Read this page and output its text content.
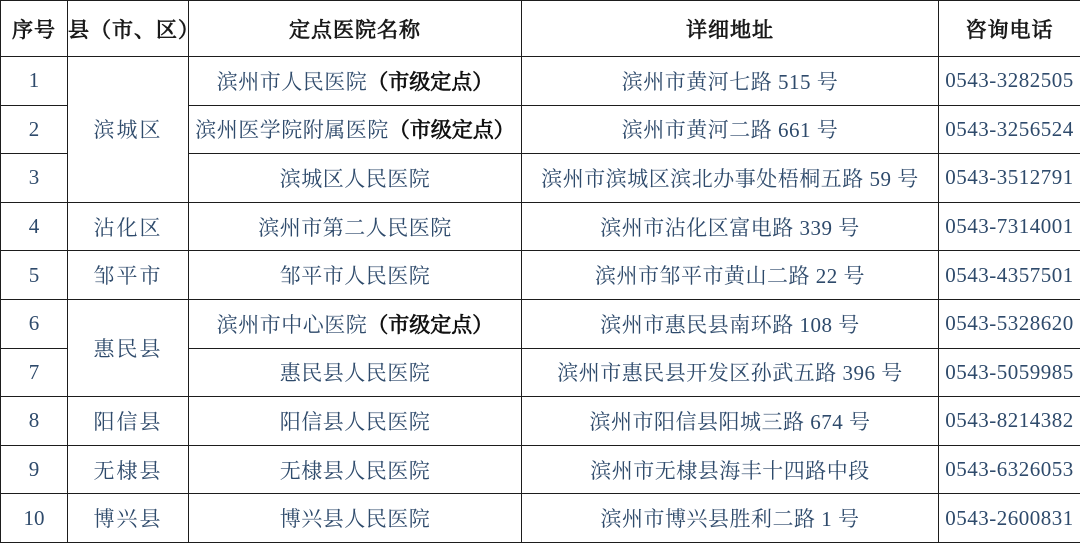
序号	县（市、区）	定点医院名称	详细地址	咨询电话
1	滨城区	滨州市人民医院（市级定点）	滨州市黄河七路 515 号	0543-3282505
2		滨州医学院附属医院（市级定点）	滨州市黄河二路 661 号	0543-3256524
3		滨城区人民医院	滨州市滨城区滨北办事处梧桐五路 59 号	0543-3512791
4	沾化区	滨州市第二人民医院	滨州市沾化区富电路 339 号	0543-7314001
5	邹平市	邹平市人民医院	滨州市邹平市黄山二路 22 号	0543-4357501
6	惠民县	滨州市中心医院（市级定点）	滨州市惠民县南环路 108 号	0543-5328620
7		惠民县人民医院	滨州市惠民县开发区孙武五路 396 号	0543-5059985
8	阳信县	阳信县人民医院	滨州市阳信县阳城三路 674 号	0543-8214382
9	无棣县	无棣县人民医院	滨州市无棣县海丰十四路中段	0543-6326053
10	博兴县	博兴县人民医院	滨州市博兴县胜利二路 1 号	0543-2600831
